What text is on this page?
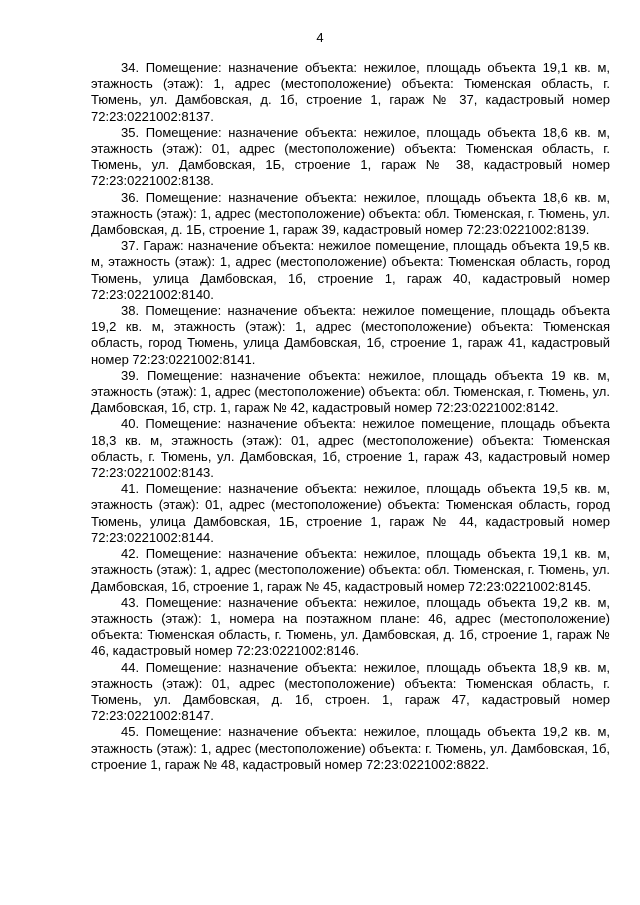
4

34. Помещение: назначение объекта: нежилое, площадь объекта 19,1 кв. м, этажность (этаж): 1, адрес (местоположение) объекта: Тюменская область, г. Тюмень, ул. Дамбовская, д. 1б, строение 1, гараж № 37, кадастровый номер 72:23:0221002:8137.

35. Помещение: назначение объекта: нежилое, площадь объекта 18,6 кв. м, этажность (этаж): 01, адрес (местоположение) объекта: Тюменская область, г. Тюмень, ул. Дамбовская, 1Б, строение 1, гараж № 38, кадастровый номер 72:23:0221002:8138.

36. Помещение: назначение объекта: нежилое, площадь объекта 18,6 кв. м, этажность (этаж): 1, адрес (местоположение) объекта: обл. Тюменская, г. Тюмень, ул. Дамбовская, д. 1Б, строение 1, гараж 39, кадастровый номер 72:23:0221002:8139.

37. Гараж: назначение объекта: нежилое помещение, площадь объекта 19,5 кв. м, этажность (этаж): 1, адрес (местоположение) объекта: Тюменская область, город Тюмень, улица Дамбовская, 1б, строение 1, гараж 40, кадастровый номер 72:23:0221002:8140.

38. Помещение: назначение объекта: нежилое помещение, площадь объекта 19,2 кв. м, этажность (этаж): 1, адрес (местоположение) объекта: Тюменская область, город Тюмень, улица Дамбовская, 1б, строение 1, гараж 41, кадастровый номер 72:23:0221002:8141.

39. Помещение: назначение объекта: нежилое, площадь объекта 19 кв. м, этажность (этаж): 1, адрес (местоположение) объекта: обл. Тюменская, г. Тюмень, ул. Дамбовская, 1б, стр. 1, гараж № 42, кадастровый номер 72:23:0221002:8142.

40. Помещение: назначение объекта: нежилое помещение, площадь объекта 18,3 кв. м, этажность (этаж): 01, адрес (местоположение) объекта: Тюменская область, г. Тюмень, ул. Дамбовская, 1б, строение 1, гараж 43, кадастровый номер 72:23:0221002:8143.

41. Помещение: назначение объекта: нежилое, площадь объекта 19,5 кв. м, этажность (этаж): 01, адрес (местоположение) объекта: Тюменская область, город Тюмень, улица Дамбовская, 1Б, строение 1, гараж № 44, кадастровый номер 72:23:0221002:8144.

42. Помещение: назначение объекта: нежилое, площадь объекта 19,1 кв. м, этажность (этаж): 1, адрес (местоположение) объекта: обл. Тюменская, г. Тюмень, ул. Дамбовская, 1б, строение 1, гараж № 45, кадастровый номер 72:23:0221002:8145.

43. Помещение: назначение объекта: нежилое, площадь объекта 19,2 кв. м, этажность (этаж): 1, номера на поэтажном плане: 46, адрес (местоположение) объекта: Тюменская область, г. Тюмень, ул. Дамбовская, д. 1б, строение 1, гараж № 46, кадастровый номер 72:23:0221002:8146.

44. Помещение: назначение объекта: нежилое, площадь объекта 18,9 кв. м, этажность (этаж): 01, адрес (местоположение) объекта: Тюменская область, г. Тюмень, ул. Дамбовская, д. 1б, строен. 1, гараж 47, кадастровый номер 72:23:0221002:8147.

45. Помещение: назначение объекта: нежилое, площадь объекта 19,2 кв. м, этажность (этаж): 1, адрес (местоположение) объекта: г. Тюмень, ул. Дамбовская, 1б, строение 1, гараж № 48, кадастровый номер 72:23:0221002:8822.
